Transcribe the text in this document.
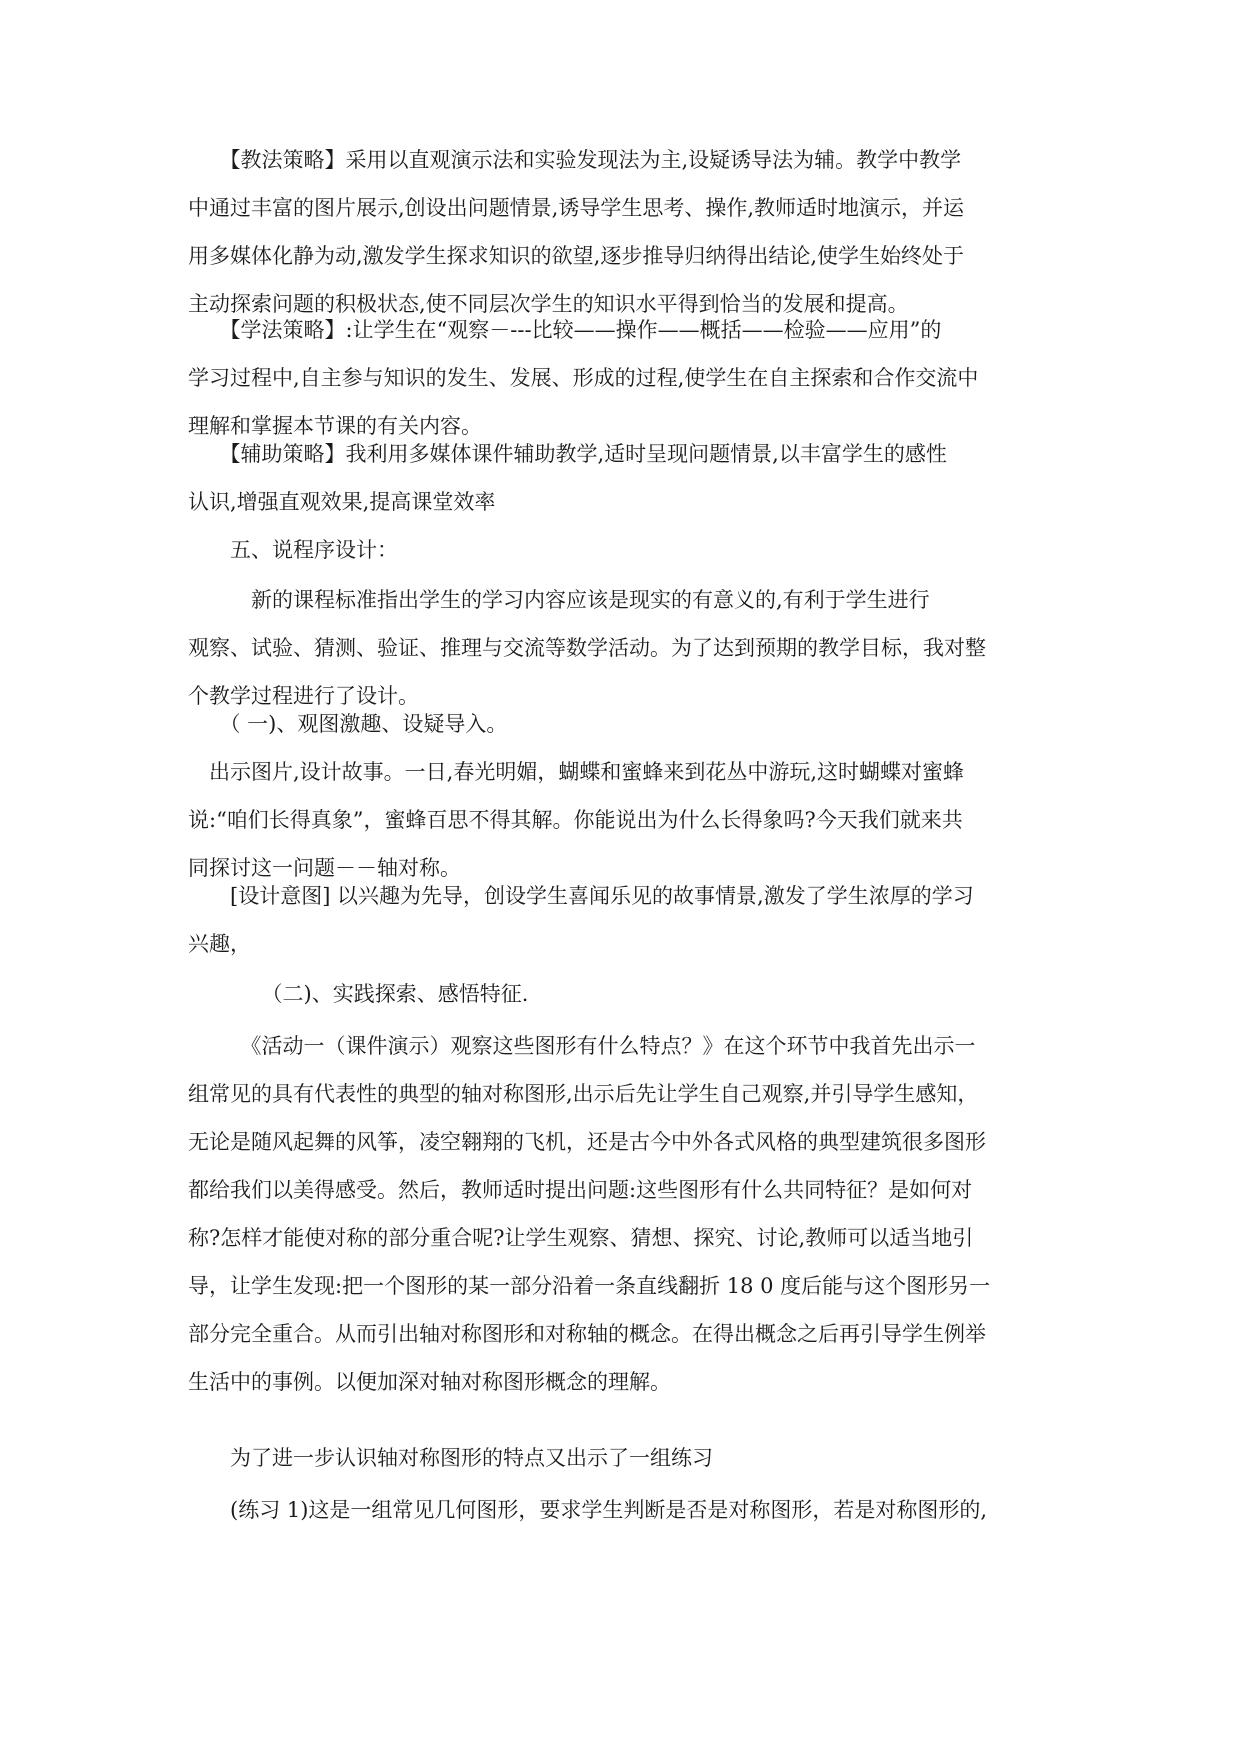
　　【教法策略】采用以直观演示法和实验发现法为主,设疑诱导法为辅。教学中教学
中通过丰富的图片展示,创设出问题情景,诱导学生思考、操作,教师适时地演示，并运
用多媒体化静为动,激发学生探求知识的欲望,逐步推导归纳得出结论,使学生始终处于
主动探索问题的积极状态,使不同层次学生的知识水平得到恰当的发展和提高。

　　【学法策略】:让学生在“观察－---比较——操作——概括——检验——应用”的
学习过程中,自主参与知识的发生、发展、形成的过程,使学生在自主探索和合作交流中
理解和掌握本节课的有关内容。

　　【辅助策略】我利用多媒体课件辅助教学,适时呈现问题情景,以丰富学生的感性
认识,增强直观效果,提高课堂效率

　　五、说程序设计：

　　　新的课程标准指出学生的学习内容应该是现实的有意义的,有利于学生进行
观察、试验、猜测、验证、推理与交流等数学活动。为了达到预期的教学目标，我对整
个教学过程进行了设计。

　　（ 一)、观图激趣、设疑导入。

　出示图片,设计故事。一日,春光明媚，蝴蝶和蜜蜂来到花丛中游玩,这时蝴蝶对蜜蜂
说:“咱们长得真象”，蜜蜂百思不得其解。你能说出为什么长得象吗?今天我们就来共
同探讨这一问题－－轴对称。

　　[设计意图] 以兴趣为先导，创设学生喜闻乐见的故事情景,激发了学生浓厚的学习
兴趣，

　　　　（二)、实践探索、感悟特征.

　　　《活动一（课件演示）观察这些图形有什么特点？》在这个环节中我首先出示一
组常见的具有代表性的典型的轴对称图形,出示后先让学生自己观察,并引导学生感知，
无论是随风起舞的风筝，凌空翱翔的飞机，还是古今中外各式风格的典型建筑很多图形
都给我们以美得感受。然后，教师适时提出问题:这些图形有什么共同特征？是如何对
称?怎样才能使对称的部分重合呢?让学生观察、猜想、探究、讨论,教师可以适当地引
导，让学生发现:把一个图形的某一部分沿着一条直线翻折 18 0 度后能与这个图形另一
部分完全重合。从而引出轴对称图形和对称轴的概念。在得出概念之后再引导学生例举
生活中的事例。以便加深对轴对称图形概念的理解。

　　为了进一步认识轴对称图形的特点又出示了一组练习

　　(练习 1)这是一组常见几何图形，要求学生判断是否是对称图形，若是对称图形的,
